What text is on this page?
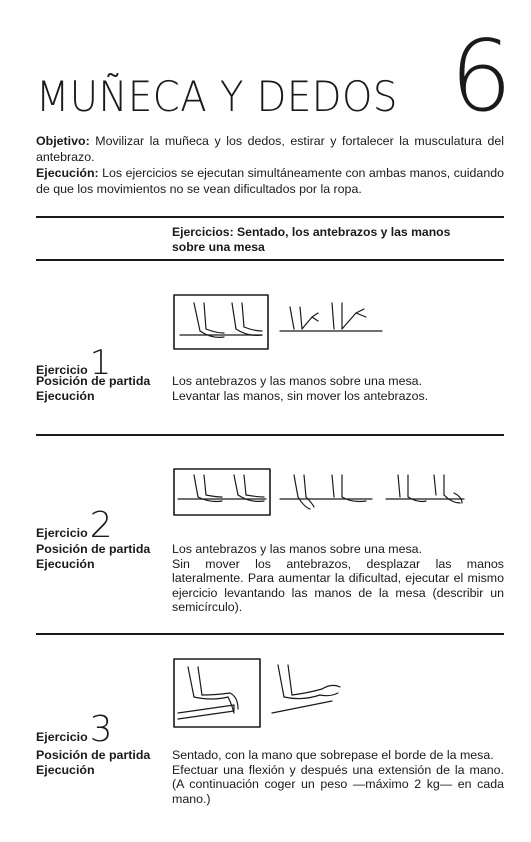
MUÑECA Y DEDOS 6
Objetivo: Movilizar la muñeca y los dedos, estirar y fortalecer la musculatura del antebrazo.
Ejecución: Los ejercicios se ejecutan simultáneamente con ambas manos, cuidando de que los movimientos no se vean dificultados por la ropa.
Ejercicios: Sentado, los antebrazos y las manos sobre una mesa
Ejercicio1
Posición de partida
Ejecución

Los antebrazos y las manos sobre una mesa.

Levantar las manos, sin mover los antebrazos.

Ejercicio2
Posición de partida
Ejecución

Los antebrazos y las manos sobre una mesa.

Sin mover los antebrazos, desplazar las manos lateralmente. Para aumentar la dificultad, ejecutar el mismo ejercicio levantando las manos de la mesa (describir un semicírculo).

Ejercicio3
Posición de partida
Ejecución

Sentado, con la mano que sobrepase el borde de la mesa.

Efectuar una flexión y después una extensión de la mano. (A continuación coger un peso —máximo 2 kg— en cada mano.)
